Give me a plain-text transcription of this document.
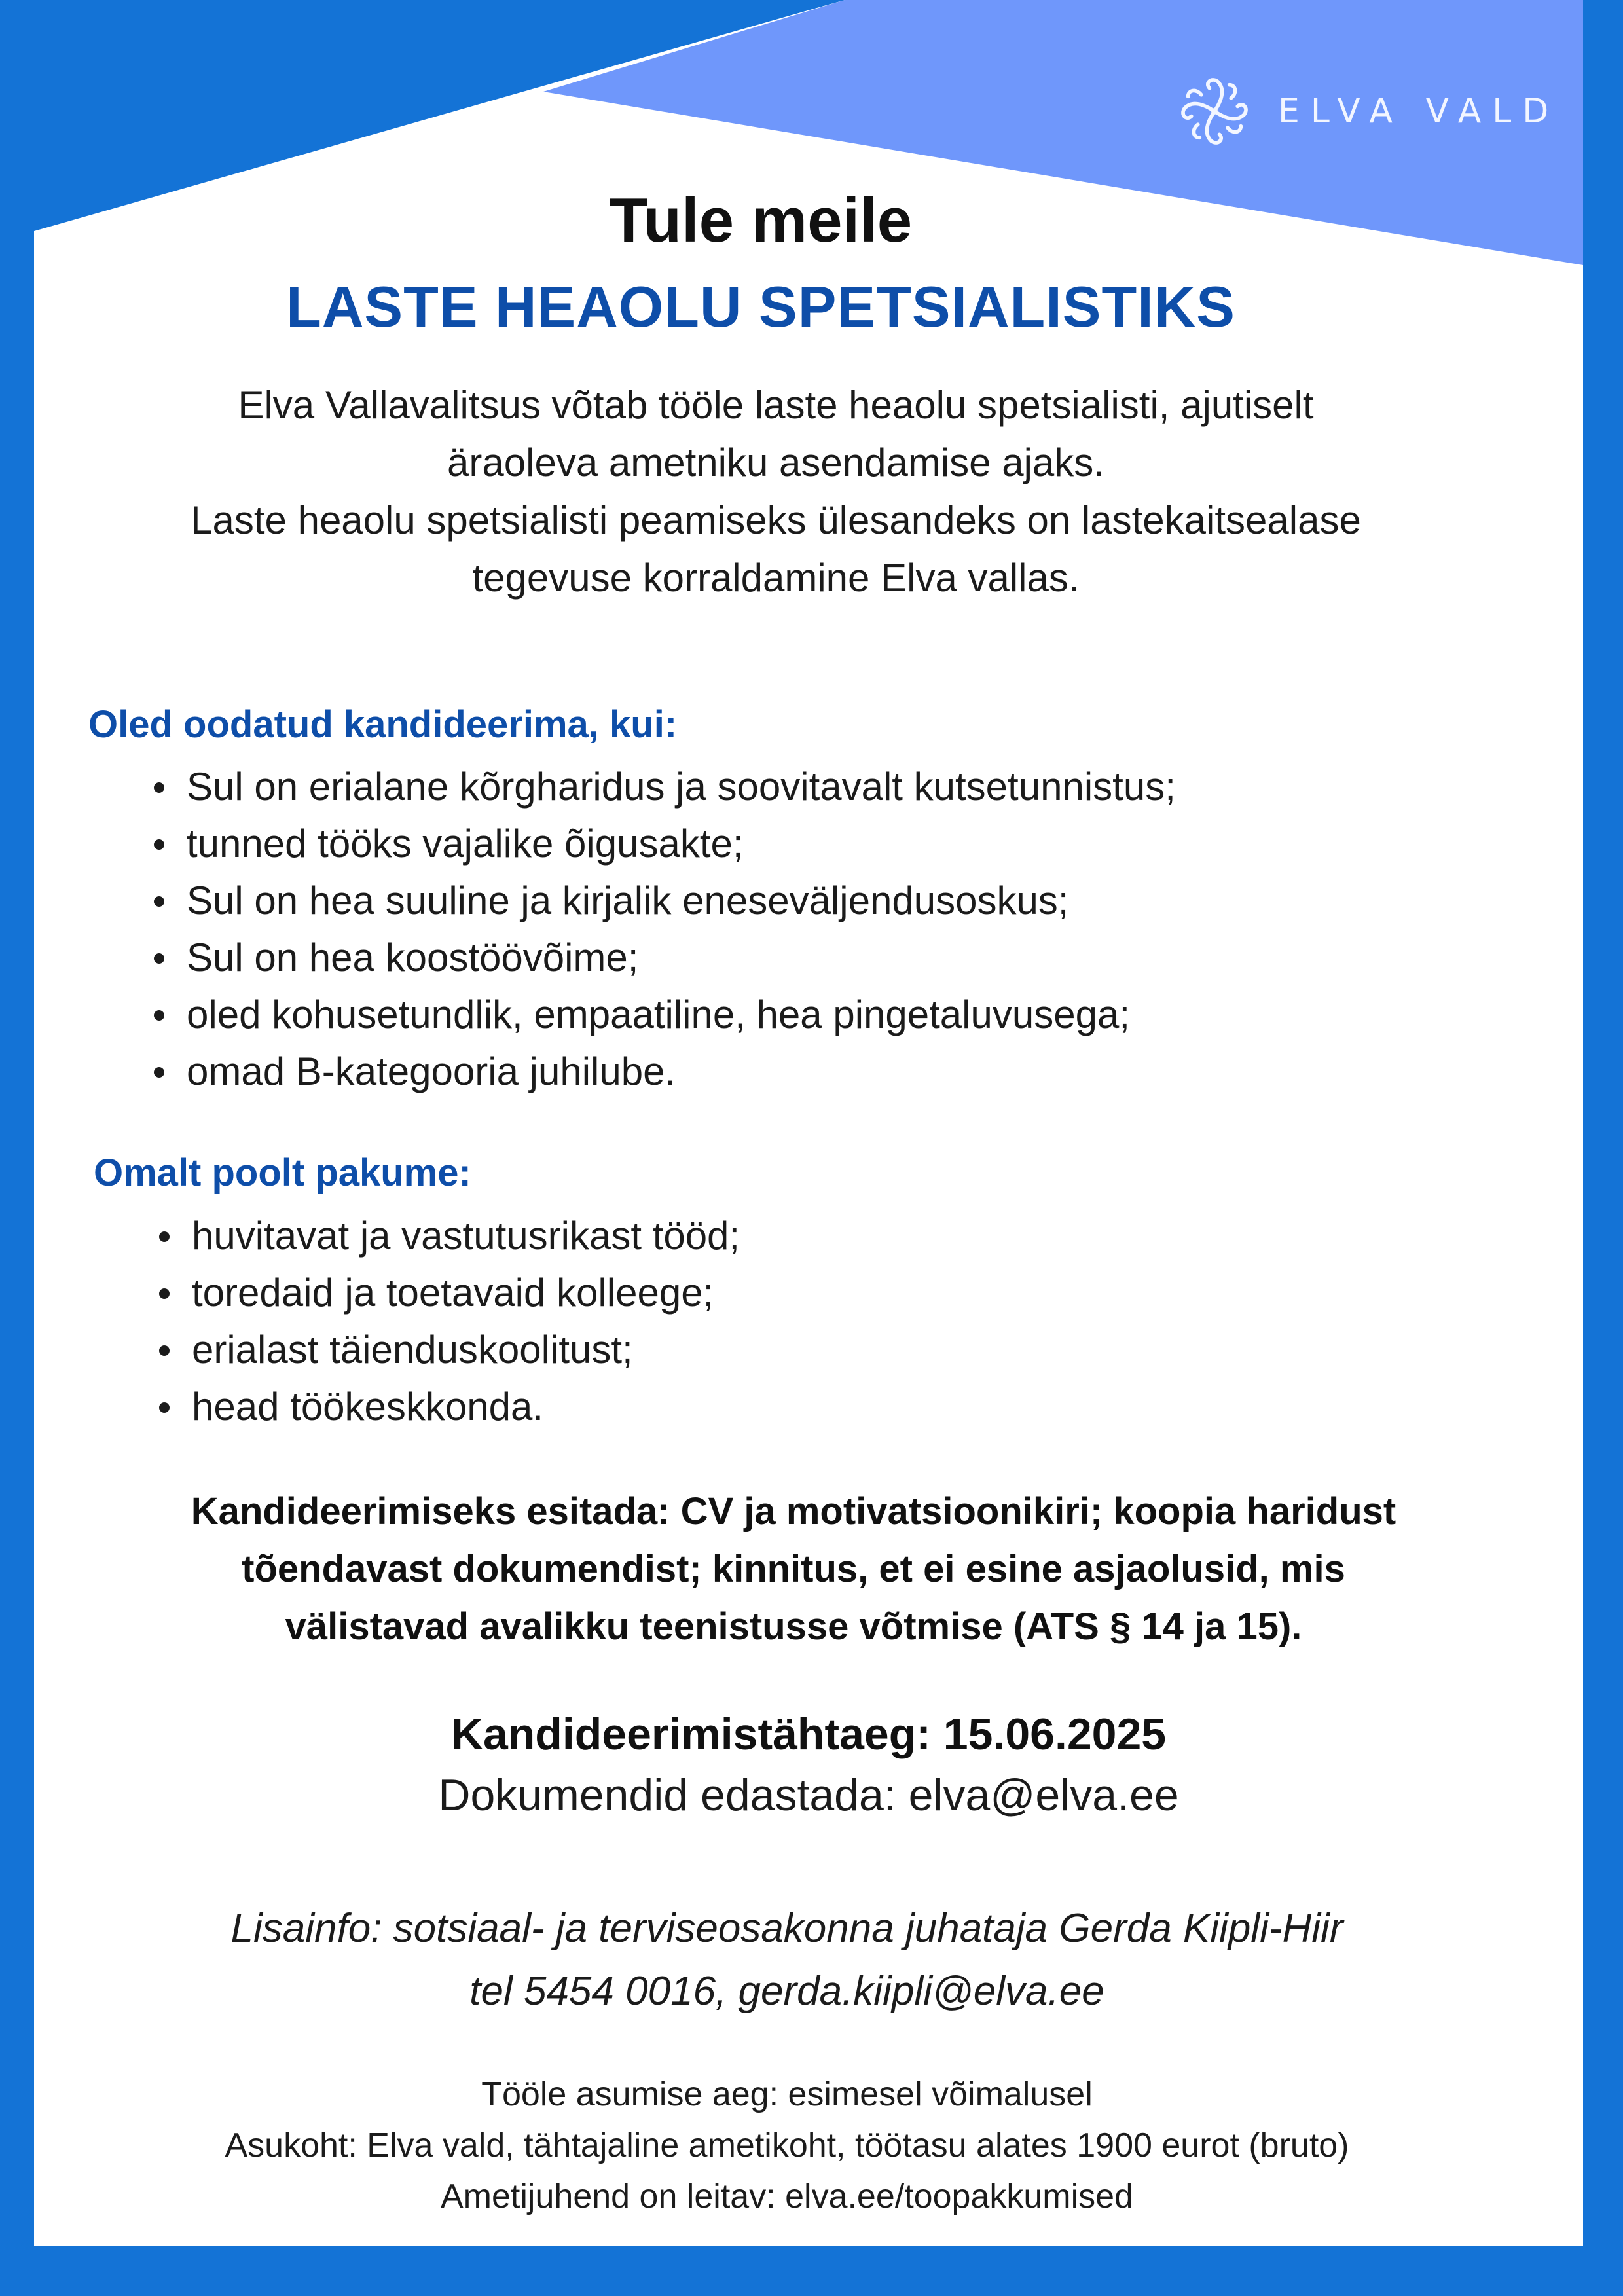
ELVA VALD
Tule meile
LASTE HEAOLU SPETSIALISTIKS

Elva Vallavalitsus võtab tööle laste heaolu spetsialisti, ajutiselt

äraoleva ametniku asendamise ajaks.

Laste heaolu spetsialisti peamiseks ülesandeks on lastekaitsealase

tegevuse korraldamine Elva vallas.

Oled oodatud kandideerima, kui:
Sul on erialane kõrgharidus ja soovitavalt kutsetunnistus;
tunned tööks vajalike õigusakte;
Sul on hea suuline ja kirjalik eneseväljendusoskus;
Sul on hea koostöövõime;
oled kohusetundlik, empaatiline, hea pingetaluvusega;
omad B-kategooria juhilube.
Omalt poolt pakume:
huvitavat ja vastutusrikast tööd;
toredaid ja toetavaid kolleege;
erialast täienduskoolitust;
head töökeskkonda.
Kandideerimiseks esitada: CV ja motivatsioonikiri; koopia haridust
tõendavast dokumendist; kinnitus, et ei esine asjaolusid, mis
välistavad avalikku teenistusse võtmise (ATS § 14 ja 15).
Kandideerimistähtaeg: 15.06.2025
Dokumendid edastada: elva@elva.ee
Lisainfo: sotsiaal- ja terviseosakonna juhataja Gerda Kiipli-Hiir
tel 5454 0016, gerda.kiipli@elva.ee
Tööle asumise aeg: esimesel võimalusel
Asukoht: Elva vald, tähtajaline ametikoht, töötasu alates 1900 eurot (bruto)
Ametijuhend on leitav: elva.ee/toopakkumised
